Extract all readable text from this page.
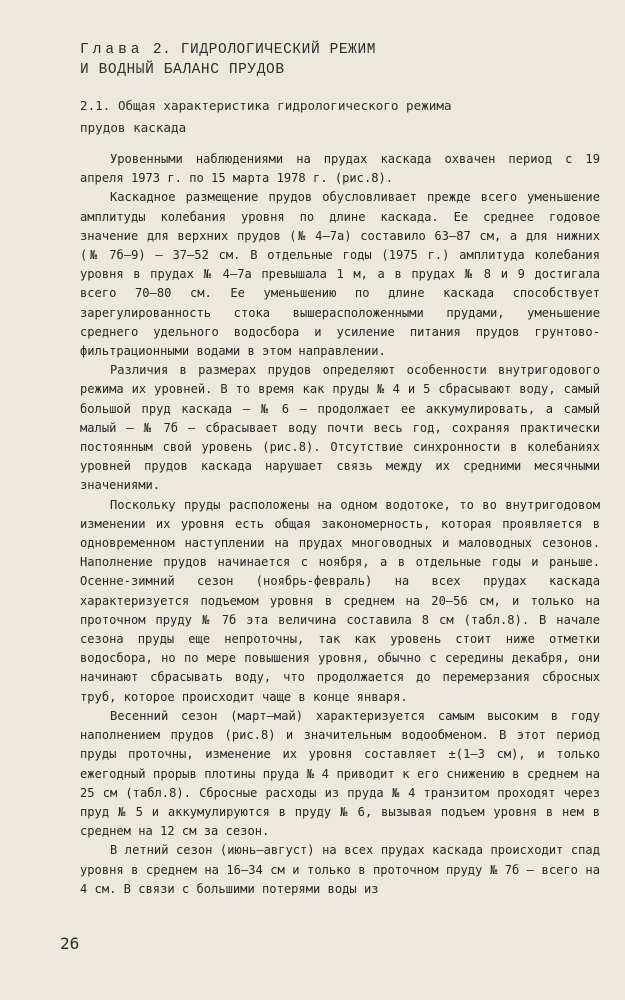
Глава 2. ГИДРОЛОГИЧЕСКИЙ РЕЖИМ
И ВОДНЫЙ БАЛАНС ПРУДОВ
2.1. Общая характеристика гидрологического режима
прудов каскада

Уровенными наблюдениями на прудах каскада охвачен период с 19 апреля 1973 г. по 15 марта 1978 г. (рис.8).

Каскадное размещение прудов обусловливает прежде всего уменьшение амплитуды колебания уровня по длине каскада. Ее среднее годовое значение для верхних прудов (№ 4–7а) составило 63–87 см, а для нижних (№ 7б–9) – 37–52 см. В отдельные годы (1975 г.) амплитуда колебания уровня в прудах № 4–7а превышала 1 м, а в прудах № 8 и 9 достигала всего 70–80 см. Ее уменьшению по длине каскада способствует зарегулированность стока вышерасположенными прудами, уменьшение среднего удельного водосбора и усиление питания прудов грунтово-фильтрационными водами в этом направлении.

Различия в размерах прудов определяют особенности внутригодового режима их уровней. В то время как пруды № 4 и 5 сбрасывают воду, самый большой пруд каскада – № 6 – продолжает ее аккумулировать, а самый малый – № 7б – сбрасывает воду почти весь год, сохраняя практически постоянным свой уровень (рис.8). Отсутствие синхронности в колебаниях уровней прудов каскада нарушает связь между их средними месячными значениями.

Поскольку пруды расположены на одном водотоке, то во внутригодовом изменении их уровня есть общая закономерность, которая проявляется в одновременном наступлении на прудах многоводных и маловодных сезонов. Наполнение прудов начинается с ноября, а в отдельные годы и раньше. Осенне-зимний сезон (ноябрь-февраль) на всех прудах каскада характеризуется подъемом уровня в среднем на 20–56 см, и только на проточном пруду № 7б эта величина составила 8 см (табл.8). В начале сезона пруды еще непроточны, так как уровень стоит ниже отметки водосбора, но по мере повышения уровня, обычно с середины декабря, они начинают сбрасывать воду, что продолжается до перемерзания сбросных труб, которое происходит чаще в конце января.

Весенний сезон (март–май) характеризуется самым высоким в году наполнением прудов (рис.8) и значительным водообменом. В этот период пруды проточны, изменение их уровня составляет ±(1–3 см), и только ежегодный прорыв плотины пруда № 4 приводит к его снижению в среднем на 25 см (табл.8). Сбросные расходы из пруда № 4 транзитом проходят через пруд № 5 и аккумулируются в пруду № 6, вызывая подъем уровня в нем в среднем на 12 см за сезон.

В летний сезон (июнь–август) на всех прудах каскада происходит спад уровня в среднем на 16–34 см и только в проточном пруду № 7б – всего на 4 см. В связи с большими потерями воды из

26
